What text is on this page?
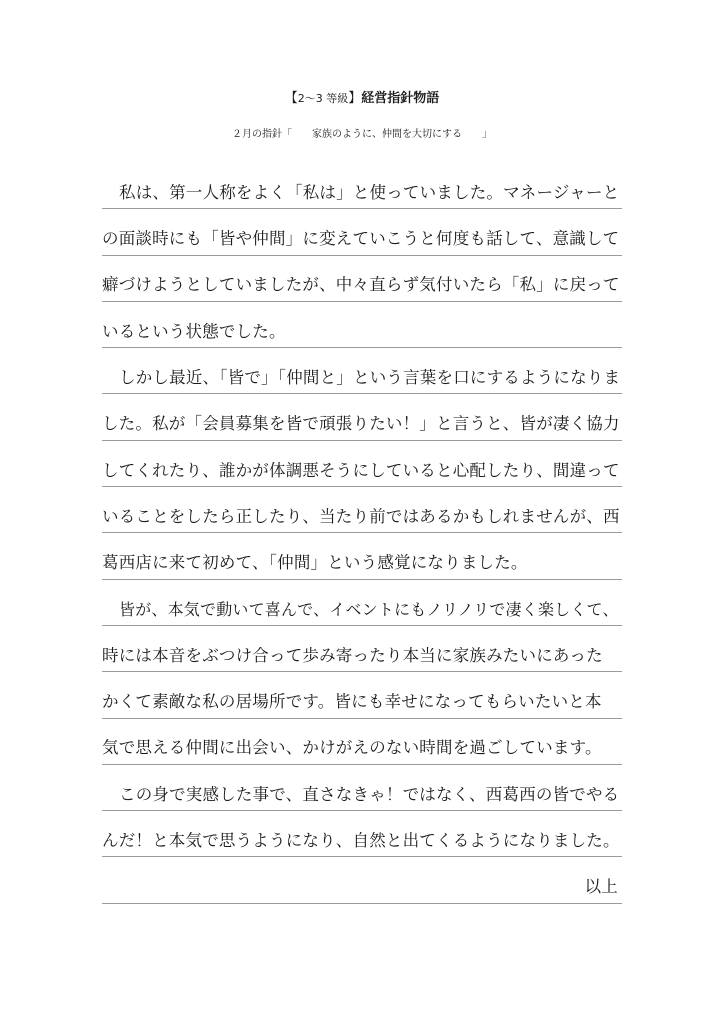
【2～3 等級】経営指針物語
２月の指針「　　家族のように、仲間を大切にする　　」
私は、第一人称をよく「私は」と使っていました。マネージャーと
の面談時にも「皆や仲間」に変えていこうと何度も話して、意識して
癖づけようとしていましたが、中々直らず気付いたら「私」に戻って
いるという状態でした。
しかし最近、「皆で」「仲間と」という言葉を口にするようになりま
した。私が「会員募集を皆で頑張りたい！」と言うと、皆が凄く協力
してくれたり、誰かが体調悪そうにしていると心配したり、間違って
いることをしたら正したり、当たり前ではあるかもしれませんが、西
葛西店に来て初めて、「仲間」という感覚になりました。
皆が、本気で動いて喜んで、イベントにもノリノリで凄く楽しくて、
時には本音をぶつけ合って歩み寄ったり本当に家族みたいにあった
かくて素敵な私の居場所です。皆にも幸せになってもらいたいと本
気で思える仲間に出会い、かけがえのない時間を過ごしています。
この身で実感した事で、直さなきゃ！ではなく、西葛西の皆でやる
んだ！と本気で思うようになり、自然と出てくるようになりました。
以上
